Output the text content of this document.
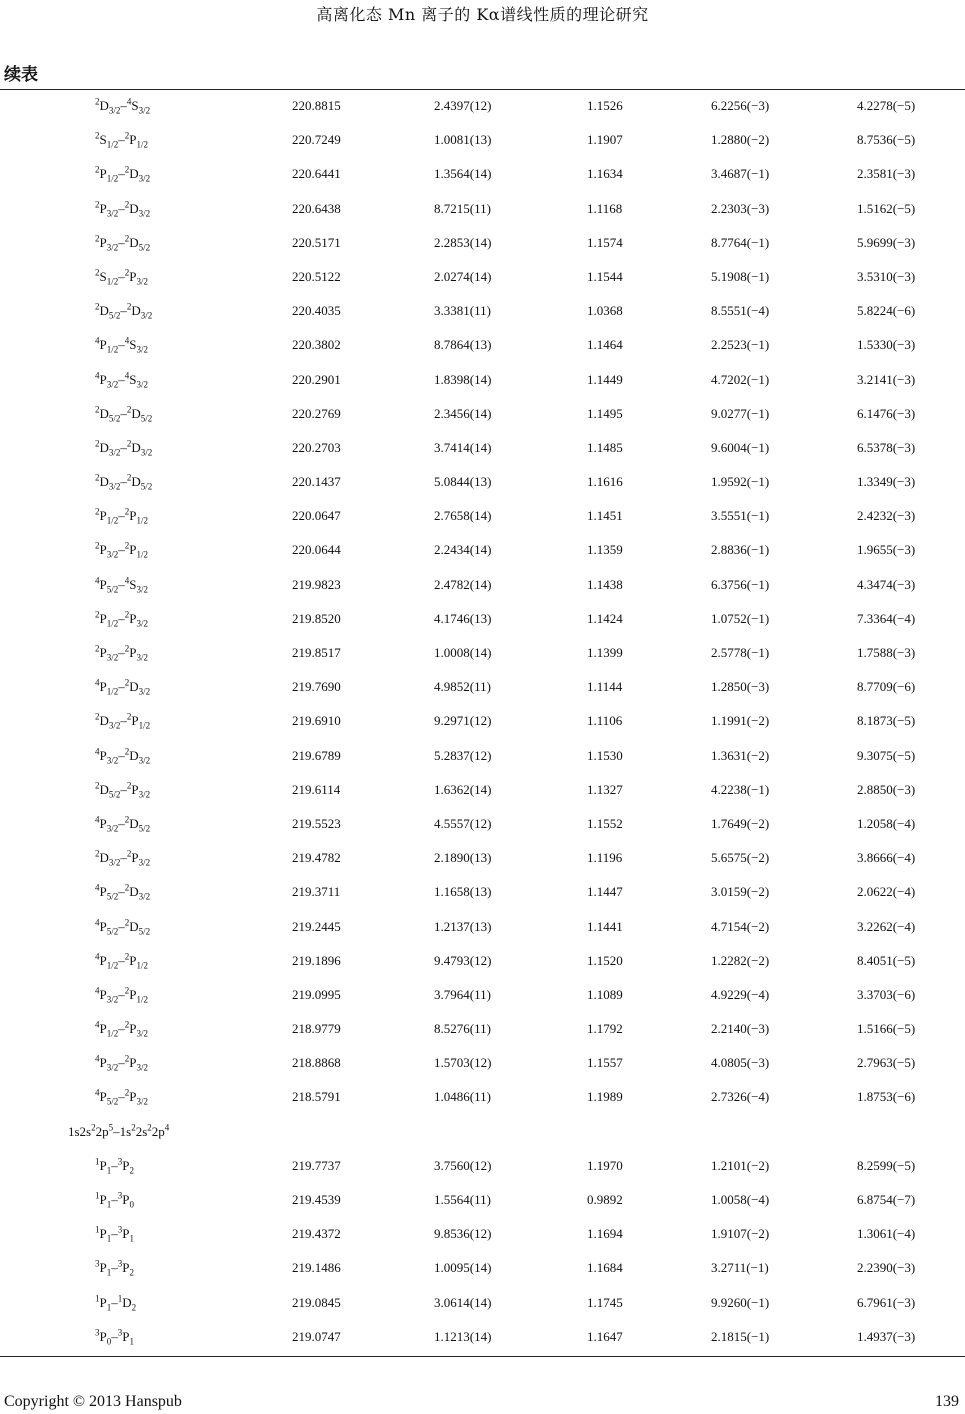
高离化态 Mn 离子的 Kα谱线性质的理论研究
续表
$^2D_{3/2}-^4S_{3/2}$	220.8815	2.4397(12)	1.1526	6.2256(−3)	4.2278(−5)
$^2S_{1/2}-^2P_{1/2}$	220.7249	1.0081(13)	1.1907	1.2880(−2)	8.7536(−5)
$^2P_{1/2}-^2D_{3/2}$	220.6441	1.3564(14)	1.1634	3.4687(−1)	2.3581(−3)
$^2P_{3/2}-^2D_{3/2}$	220.6438	8.7215(11)	1.1168	2.2303(−3)	1.5162(−5)
$^2P_{3/2}-^2D_{5/2}$	220.5171	2.2853(14)	1.1574	8.7764(−1)	5.9699(−3)
$^2S_{1/2}-^2P_{3/2}$	220.5122	2.0274(14)	1.1544	5.1908(−1)	3.5310(−3)
$^2D_{5/2}-^2D_{3/2}$	220.4035	3.3381(11)	1.0368	8.5551(−4)	5.8224(−6)
$^4P_{1/2}-^4S_{3/2}$	220.3802	8.7864(13)	1.1464	2.2523(−1)	1.5330(−3)
$^4P_{3/2}-^4S_{3/2}$	220.2901	1.8398(14)	1.1449	4.7202(−1)	3.2141(−3)
$^2D_{5/2}-^2D_{5/2}$	220.2769	2.3456(14)	1.1495	9.0277(−1)	6.1476(−3)
$^2D_{3/2}-^2D_{3/2}$	220.2703	3.7414(14)	1.1485	9.6004(−1)	6.5378(−3)
$^2D_{3/2}-^2D_{5/2}$	220.1437	5.0844(13)	1.1616	1.9592(−1)	1.3349(−3)
$^2P_{1/2}-^2P_{1/2}$	220.0647	2.7658(14)	1.1451	3.5551(−1)	2.4232(−3)
$^2P_{3/2}-^2P_{1/2}$	220.0644	2.2434(14)	1.1359	2.8836(−1)	1.9655(−3)
$^4P_{5/2}-^4S_{3/2}$	219.9823	2.4782(14)	1.1438	6.3756(−1)	4.3474(−3)
$^2P_{1/2}-^2P_{3/2}$	219.8520	4.1746(13)	1.1424	1.0752(−1)	7.3364(−4)
$^2P_{3/2}-^2P_{3/2}$	219.8517	1.0008(14)	1.1399	2.5778(−1)	1.7588(−3)
$^4P_{1/2}-^2D_{3/2}$	219.7690	4.9852(11)	1.1144	1.2850(−3)	8.7709(−6)
$^2D_{3/2}-^2P_{1/2}$	219.6910	9.2971(12)	1.1106	1.1991(−2)	8.1873(−5)
$^4P_{3/2}-^2D_{3/2}$	219.6789	5.2837(12)	1.1530	1.3631(−2)	9.3075(−5)
$^2D_{5/2}-^2P_{3/2}$	219.6114	1.6362(14)	1.1327	4.2238(−1)	2.8850(−3)
$^4P_{3/2}-^2D_{5/2}$	219.5523	4.5557(12)	1.1552	1.7649(−2)	1.2058(−4)
$^2D_{3/2}-^2P_{3/2}$	219.4782	2.1890(13)	1.1196	5.6575(−2)	3.8666(−4)
$^4P_{5/2}-^2D_{3/2}$	219.3711	1.1658(13)	1.1447	3.0159(−2)	2.0622(−4)
$^4P_{5/2}-^2D_{5/2}$	219.2445	1.2137(13)	1.1441	4.7154(−2)	3.2262(−4)
$^4P_{1/2}-^2P_{1/2}$	219.1896	9.4793(12)	1.1520	1.2282(−2)	8.4051(−5)
$^4P_{3/2}-^2P_{1/2}$	219.0995	3.7964(11)	1.1089	4.9229(−4)	3.3703(−6)
$^4P_{1/2}-^2P_{3/2}$	218.9779	8.5276(11)	1.1792	2.2140(−3)	1.5166(−5)
$^4P_{3/2}-^2P_{3/2}$	218.8868	1.5703(12)	1.1557	4.0805(−3)	2.7963(−5)
$^4P_{5/2}-^2P_{3/2}$	218.5791	1.0486(11)	1.1989	2.7326(−4)	1.8753(−6)
$1s2s^22p^5-1s^22s^22p^4$
$^1P_1-^3P_2$	219.7737	3.7560(12)	1.1970	1.2101(−2)	8.2599(−5)
$^1P_1-^3P_0$	219.4539	1.5564(11)	0.9892	1.0058(−4)	6.8754(−7)
$^1P_1-^3P_1$	219.4372	9.8536(12)	1.1694	1.9107(−2)	1.3061(−4)
$^3P_1-^3P_2$	219.1486	1.0095(14)	1.1684	3.2711(−1)	2.2390(−3)
$^1P_1-^1D_2$	219.0845	3.0614(14)	1.1745	9.9260(−1)	6.7961(−3)
$^3P_0-^3P_1$	219.0747	1.1213(14)	1.1647	2.1815(−1)	1.4937(−3)
Copyright © 2013 Hanspub	139
